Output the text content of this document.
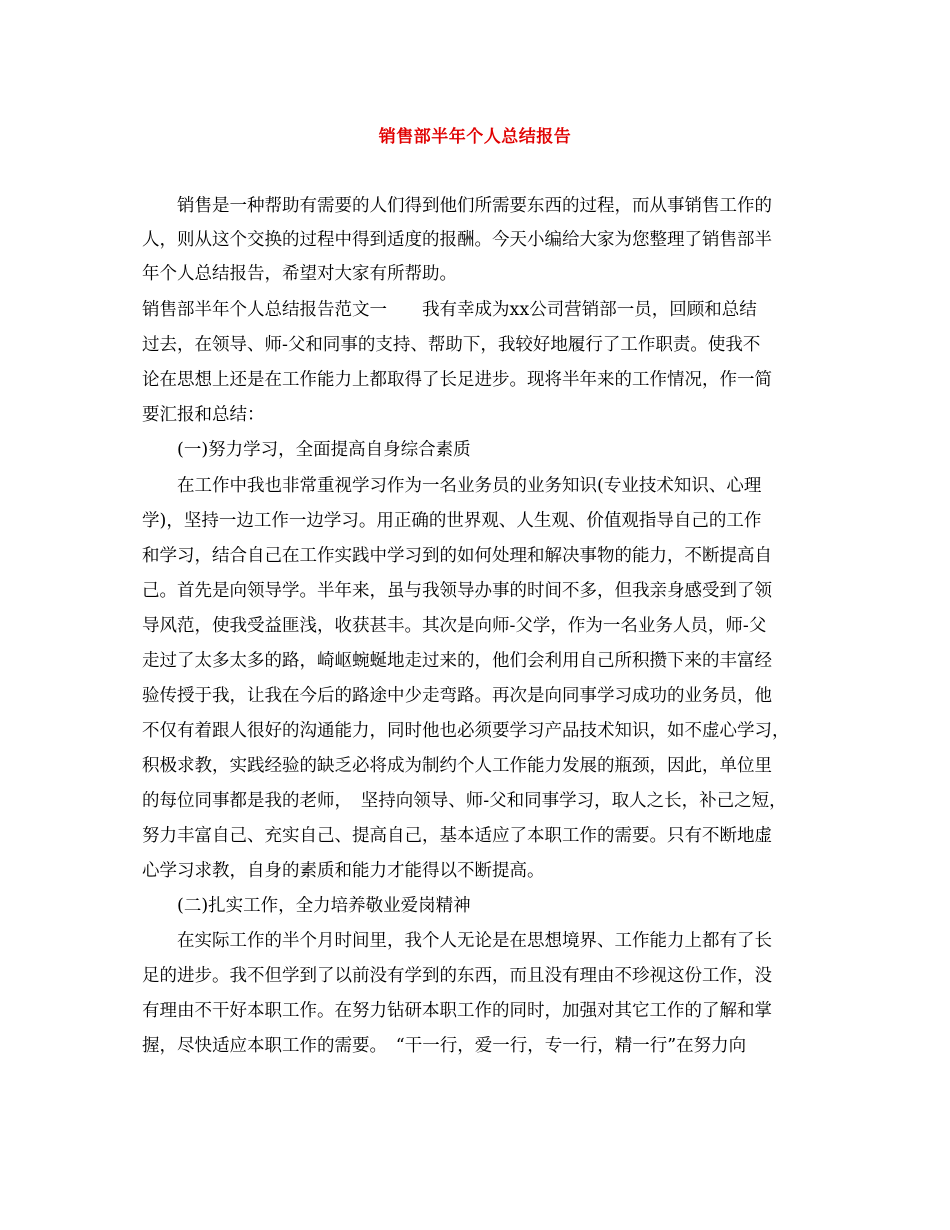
销售部半年个人总结报告
　　销售是一种帮助有需要的人们得到他们所需要东西的过程，而从事销售工作的
人，则从这个交换的过程中得到适度的报酬。今天小编给大家为您整理了销售部半
年个人总结报告，希望对大家有所帮助。
销售部半年个人总结报告范文一　　我有幸成为xx公司营销部一员，回顾和总结
过去，在领导、师-父和同事的支持、帮助下，我较好地履行了工作职责。使我不
论在思想上还是在工作能力上都取得了长足进步。现将半年来的工作情况，作一简
要汇报和总结：
　　(一)努力学习，全面提高自身综合素质
　　在工作中我也非常重视学习作为一名业务员的业务知识(专业技术知识、心理
学)，坚持一边工作一边学习。用正确的世界观、人生观、价值观指导自己的工作
和学习，结合自己在工作实践中学习到的如何处理和解决事物的能力，不断提高自
己。首先是向领导学。半年来，虽与我领导办事的时间不多，但我亲身感受到了领
导风范，使我受益匪浅，收获甚丰。其次是向师-父学，作为一名业务人员，师-父
走过了太多太多的路，崎岖蜿蜒地走过来的，他们会利用自己所积攒下来的丰富经
验传授于我，让我在今后的路途中少走弯路。再次是向同事学习成功的业务员，他
不仅有着跟人很好的沟通能力，同时他也必须要学习产品技术知识，如不虚心学习，
积极求教，实践经验的缺乏必将成为制约个人工作能力发展的瓶颈，因此，单位里
的每位同事都是我的老师，　坚持向领导、师-父和同事学习，取人之长，补己之短，
努力丰富自己、充实自己、提高自己，基本适应了本职工作的需要。只有不断地虚
心学习求教，自身的素质和能力才能得以不断提高。
　　(二)扎实工作，全力培养敬业爱岗精神
　　在实际工作的半个月时间里，我个人无论是在思想境界、工作能力上都有了长
足的进步。我不但学到了以前没有学到的东西，而且没有理由不珍视这份工作，没
有理由不干好本职工作。在努力钻研本职工作的同时，加强对其它工作的了解和掌
握，尽快适应本职工作的需要。　“干一行，爱一行，专一行，精一行”在努力向
